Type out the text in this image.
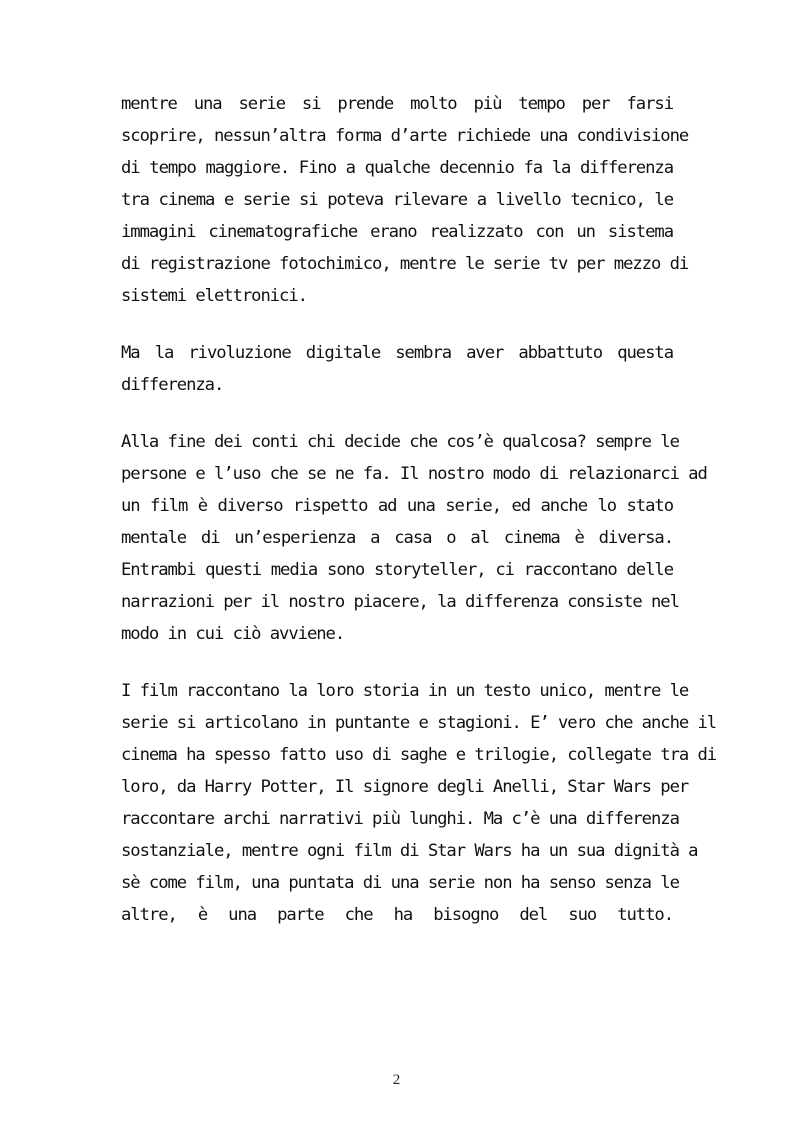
mentre una serie si prende molto più tempo per farsi
scoprire, nessun’altra forma d’arte richiede una condivisione
di tempo maggiore. Fino a qualche decennio fa la differenza
tra cinema e serie si poteva rilevare a livello tecnico, le
immagini cinematografiche erano realizzato con un sistema
di registrazione fotochimico, mentre le serie tv per mezzo di
sistemi elettronici.
Ma la rivoluzione digitale sembra aver abbattuto questa
differenza.
Alla fine dei conti chi decide che cos’è qualcosa? sempre le
persone e l’uso che se ne fa. Il nostro modo di relazionarci ad
un film è diverso rispetto ad una serie, ed anche lo stato
mentale di un’esperienza a casa o al cinema è diversa.
Entrambi questi media sono storyteller, ci raccontano delle
narrazioni per il nostro piacere, la differenza consiste nel
modo in cui ciò avviene.
I film raccontano la loro storia in un testo unico, mentre le
serie si articolano in puntante e stagioni. E’ vero che anche il
cinema ha spesso fatto uso di saghe e trilogie, collegate tra di
loro, da Harry Potter, Il signore degli Anelli, Star Wars per
raccontare archi narrativi più lunghi. Ma c’è una differenza
sostanziale, mentre ogni film di Star Wars ha un sua dignità a
sè come film, una puntata di una serie non ha senso senza le
altre, è una parte che ha bisogno del suo tutto.
2
